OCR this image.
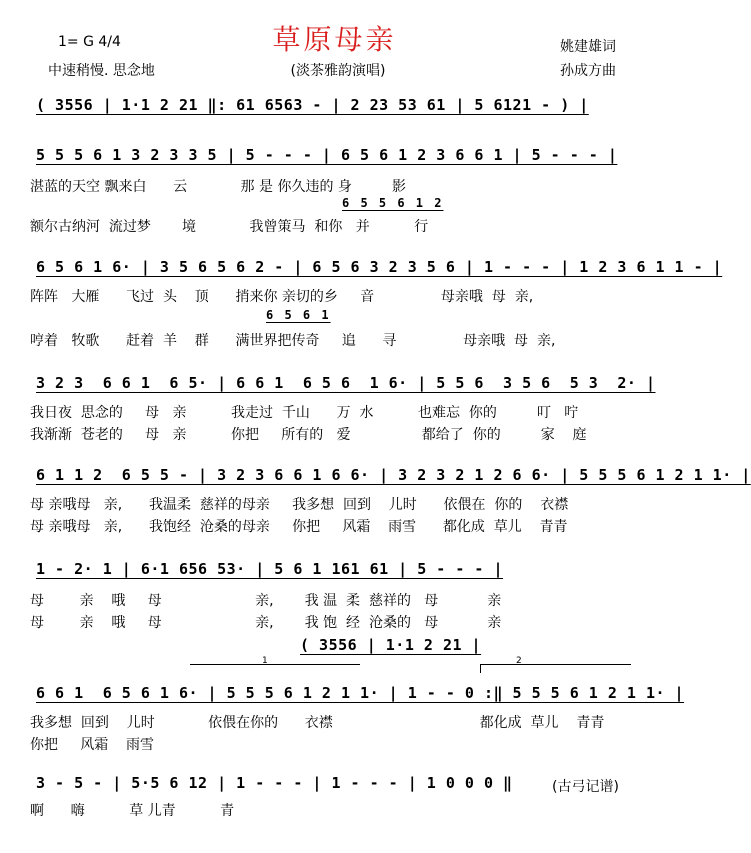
草原母亲
1= G 4/4
中速稍慢. 思念地	(淡茶雅韵演唱)
姚建雄词
孙成方曲
( 3556 | 1·1 2 21 ‖: 61 6563 - | 2 23 53 61 | 5 6121 - ) |
5 5 5 6 1 3 2 3 3 5 | 5 - - - | 6 5 6 1 2 3 6 6 1 | 5 - - - |
湛蓝的天空 飘来白      云            那 是 你久违的 身         影
6 5 5 6 1 2
额尔古纳河  流过梦       境            我曾策马  和你   并          行
6 5 6 1 6· | 3 5 6 5 6 2 - | 6 5 6 3 2 3 5 6 | 1 - - - | 1 2 3 6 1 1 - |
阵阵   大雁      飞过  头    顶      捎来你 亲切的乡     音               母亲哦  母  亲,
6 5 6 1
哼着   牧歌      赶着  羊    群      满世界把传奇     追      寻               母亲哦  母  亲,
3 2 3  6 6 1  6 5· | 6 6 1  6 5 6  1 6· | 5 5 6  3 5 6  5 3  2· |
我日夜  思念的     母   亲          我走过  千山      万  水          也难忘  你的         叮   咛
我渐渐  苍老的     母   亲          你把     所有的   爱                都给了  你的         家    庭
6 1 1 2  6 5 5 - | 3 2 3 6 6 1 6 6· | 3 2 3 2 1 2 6 6· | 5 5 5 6 1 2 1 1· |
母 亲哦母   亲,      我温柔  慈祥的母亲     我多想  回到    儿时      依偎在  你的    衣襟
母 亲哦母   亲,      我饱经  沧桑的母亲     你把     风霜    雨雪      都化成  草儿    青青
1 - 2· 1 | 6·1 656 53· | 5 6 1 161 61 | 5 - - - |
母        亲    哦     母                     亲,       我 温  柔  慈祥的   母           亲
母        亲    哦     母                     亲,       我 饱  经  沧桑的   母           亲
( 3556 | 1·1 2 21 |
1	2
6 6 1  6 5 6 1 6· | 5 5 5 6 1 2 1 1· | 1 - - 0 :‖ 5 5 5 6 1 2 1 1· |
我多想  回到    儿时            依偎在你的      衣襟                                 都化成  草儿    青青
你把     风霜    雨雪
3 - 5 - | 5·5 6 12 | 1 - - - | 1 - - - | 1 0 0 0 ‖
啊      嗨          草 儿青          青
(古弓记谱)
